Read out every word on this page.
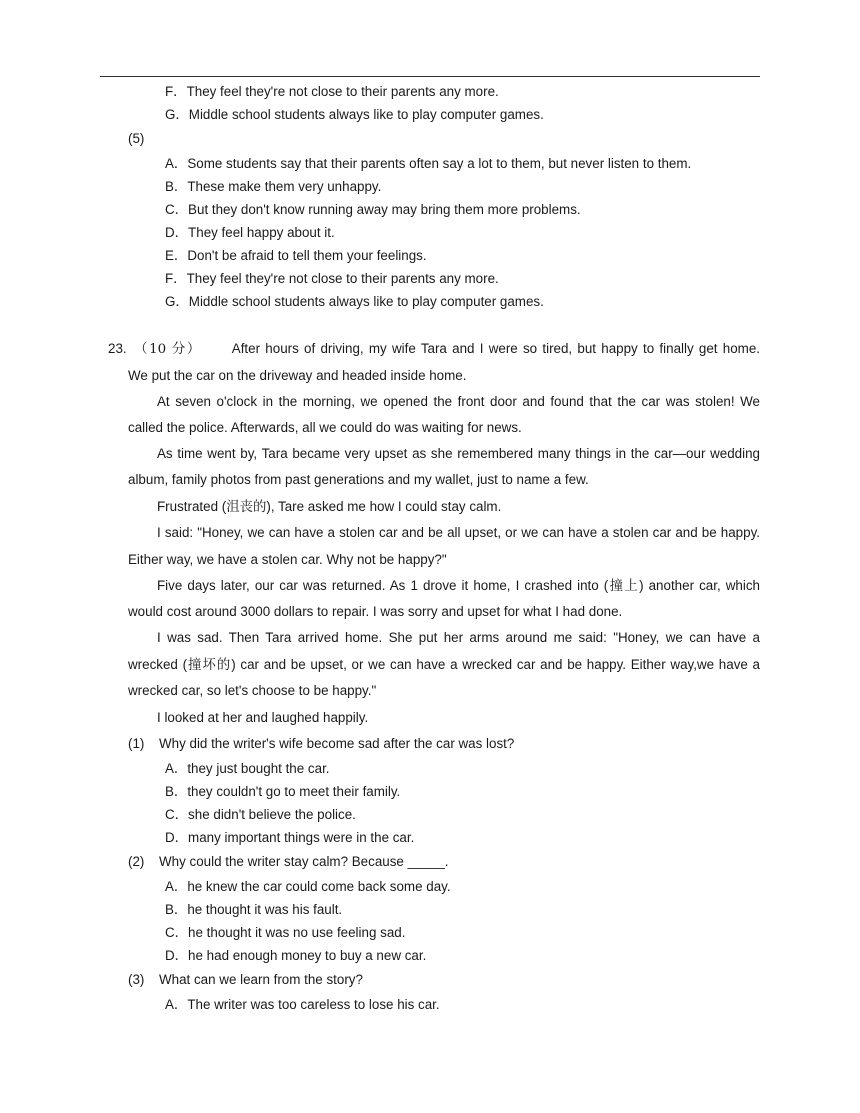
F．They feel they're not close to their parents any more.
G．Middle school students always like to play computer games.
(5)
A．Some students say that their parents often say a lot to them, but never listen to them.
B．These make them very unhappy.
C．But they don't know running away may bring them more problems.
D．They feel happy about it.
E．Don't be afraid to tell them your feelings.
F．They feel they're not close to their parents any more.
G．Middle school students always like to play computer games.
23. （10 分） After hours of driving, my wife Tara and I were so tired, but happy to finally get home.
We put the car on the driveway and headed inside home.
At seven o'clock in the morning, we opened the front door and found that the car was stolen! We
called the police. Afterwards, all we could do was waiting for news.
As time went by, Tara became very upset as she remembered many things in the car—our wedding
album, family photos from past generations and my wallet, just to name a few.
Frustrated (沮丧的), Tare asked me how I could stay calm.
I said: "Honey, we can have a stolen car and be all upset, or we can have a stolen car and be happy.
Either way, we have a stolen car. Why not be happy?"
Five days later, our car was returned. As 1 drove it home, I crashed into (撞上) another car, which
would cost around 3000 dollars to repair. I was sorry and upset for what I had done.
I was sad. Then Tara arrived home. She put her arms around me said: "Honey, we can have a
wrecked (撞坏的) car and be upset, or we can have a wrecked car and be happy. Either way,we have a
wrecked car, so let's choose to be happy."
I looked at her and laughed happily.
(1) Why did the writer's wife become sad after the car was lost?
A．they just bought the car.
B．they couldn't go to meet their family.
C．she didn't believe the police.
D．many important things were in the car.
(2) Why could the writer stay calm? Because _____.
A．he knew the car could come back some day.
B．he thought it was his fault.
C．he thought it was no use feeling sad.
D．he had enough money to buy a new car.
(3) What can we learn from the story?
A．The writer was too careless to lose his car.
